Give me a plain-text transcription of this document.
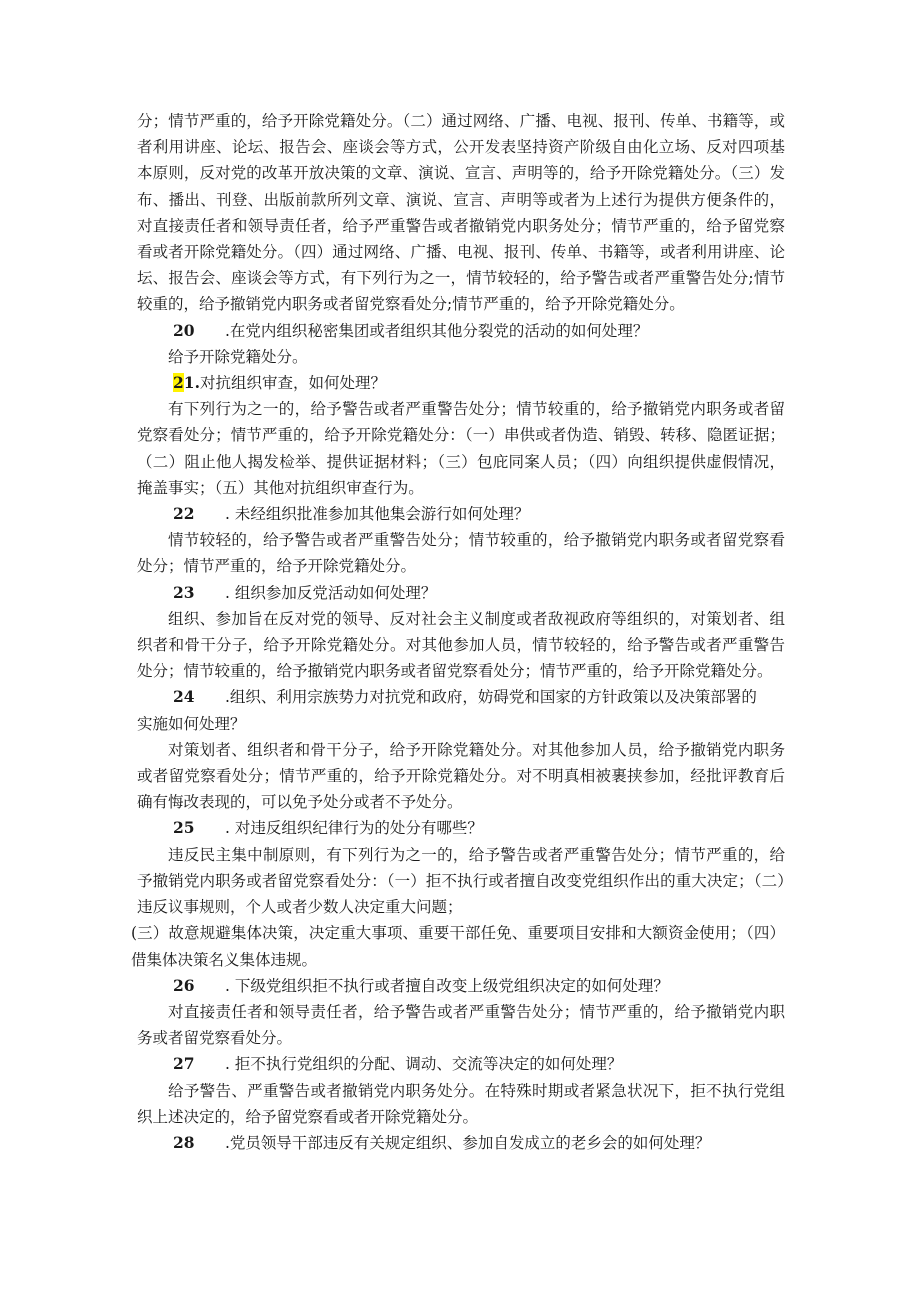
分；情节严重的，给予开除党籍处分。（二）通过网络、广播、电视、报刊、传单、书籍等，或者利用讲座、论坛、报告会、座谈会等方式，公开发表坚持资产阶级自由化立场、反对四项基本原则，反对党的改革开放决策的文章、演说、宣言、声明等的，给予开除党籍处分。（三）发布、播出、刊登、出版前款所列文章、演说、宣言、声明等或者为上述行为提供方便条件的，对直接责任者和领导责任者，给予严重警告或者撤销党内职务处分；情节严重的，给予留党察看或者开除党籍处分。（四）通过网络、广播、电视、报刊、传单、书籍等，或者利用讲座、论坛、报告会、座谈会等方式，有下列行为之一，情节较轻的，给予警告或者严重警告处分;情节较重的，给予撤销党内职务或者留党察看处分;情节严重的，给予开除党籍处分。

20 .在党内组织秘密集团或者组织其他分裂党的活动的如何处理？

给予开除党籍处分。

21.对抗组织审查，如何处理？

有下列行为之一的，给予警告或者严重警告处分；情节较重的，给予撤销党内职务或者留党察看处分；情节严重的，给予开除党籍处分：（一）串供或者伪造、销毁、转移、隐匿证据；（二）阻止他人揭发检举、提供证据材料；（三）包庇同案人员；（四）向组织提供虚假情况，掩盖事实；（五）其他对抗组织审查行为。

22 . 未经组织批准参加其他集会游行如何处理？

情节较轻的，给予警告或者严重警告处分；情节较重的，给予撤销党内职务或者留党察看处分；情节严重的，给予开除党籍处分。

23 . 组织参加反党活动如何处理？

组织、参加旨在反对党的领导、反对社会主义制度或者敌视政府等组织的，对策划者、组织者和骨干分子，给予开除党籍处分。对其他参加人员，情节较轻的，给予警告或者严重警告处分；情节较重的，给予撤销党内职务或者留党察看处分；情节严重的，给予开除党籍处分。

24 .组织、利用宗族势力对抗党和政府，妨碍党和国家的方针政策以及决策部署的

实施如何处理？

对策划者、组织者和骨干分子，给予开除党籍处分。对其他参加人员，给予撤销党内职务或者留党察看处分；情节严重的，给予开除党籍处分。对不明真相被裹挟参加，经批评教育后确有悔改表现的，可以免予处分或者不予处分。

25 . 对违反组织纪律行为的处分有哪些？

违反民主集中制原则，有下列行为之一的，给予警告或者严重警告处分；情节严重的，给予撤销党内职务或者留党察看处分：（一）拒不执行或者擅自改变党组织作出的重大决定；（二）违反议事规则，个人或者少数人决定重大问题；

(三）故意规避集体决策，决定重大事项、重要干部任免、重要项目安排和大额资金使用；（四）借集体决策名义集体违规。

26 . 下级党组织拒不执行或者擅自改变上级党组织决定的如何处理？

对直接责任者和领导责任者，给予警告或者严重警告处分；情节严重的，给予撤销党内职务或者留党察看处分。

27 . 拒不执行党组织的分配、调动、交流等决定的如何处理？

给予警告、严重警告或者撤销党内职务处分。在特殊时期或者紧急状况下，拒不执行党组织上述决定的，给予留党察看或者开除党籍处分。

28 .党员领导干部违反有关规定组织、参加自发成立的老乡会的如何处理？
